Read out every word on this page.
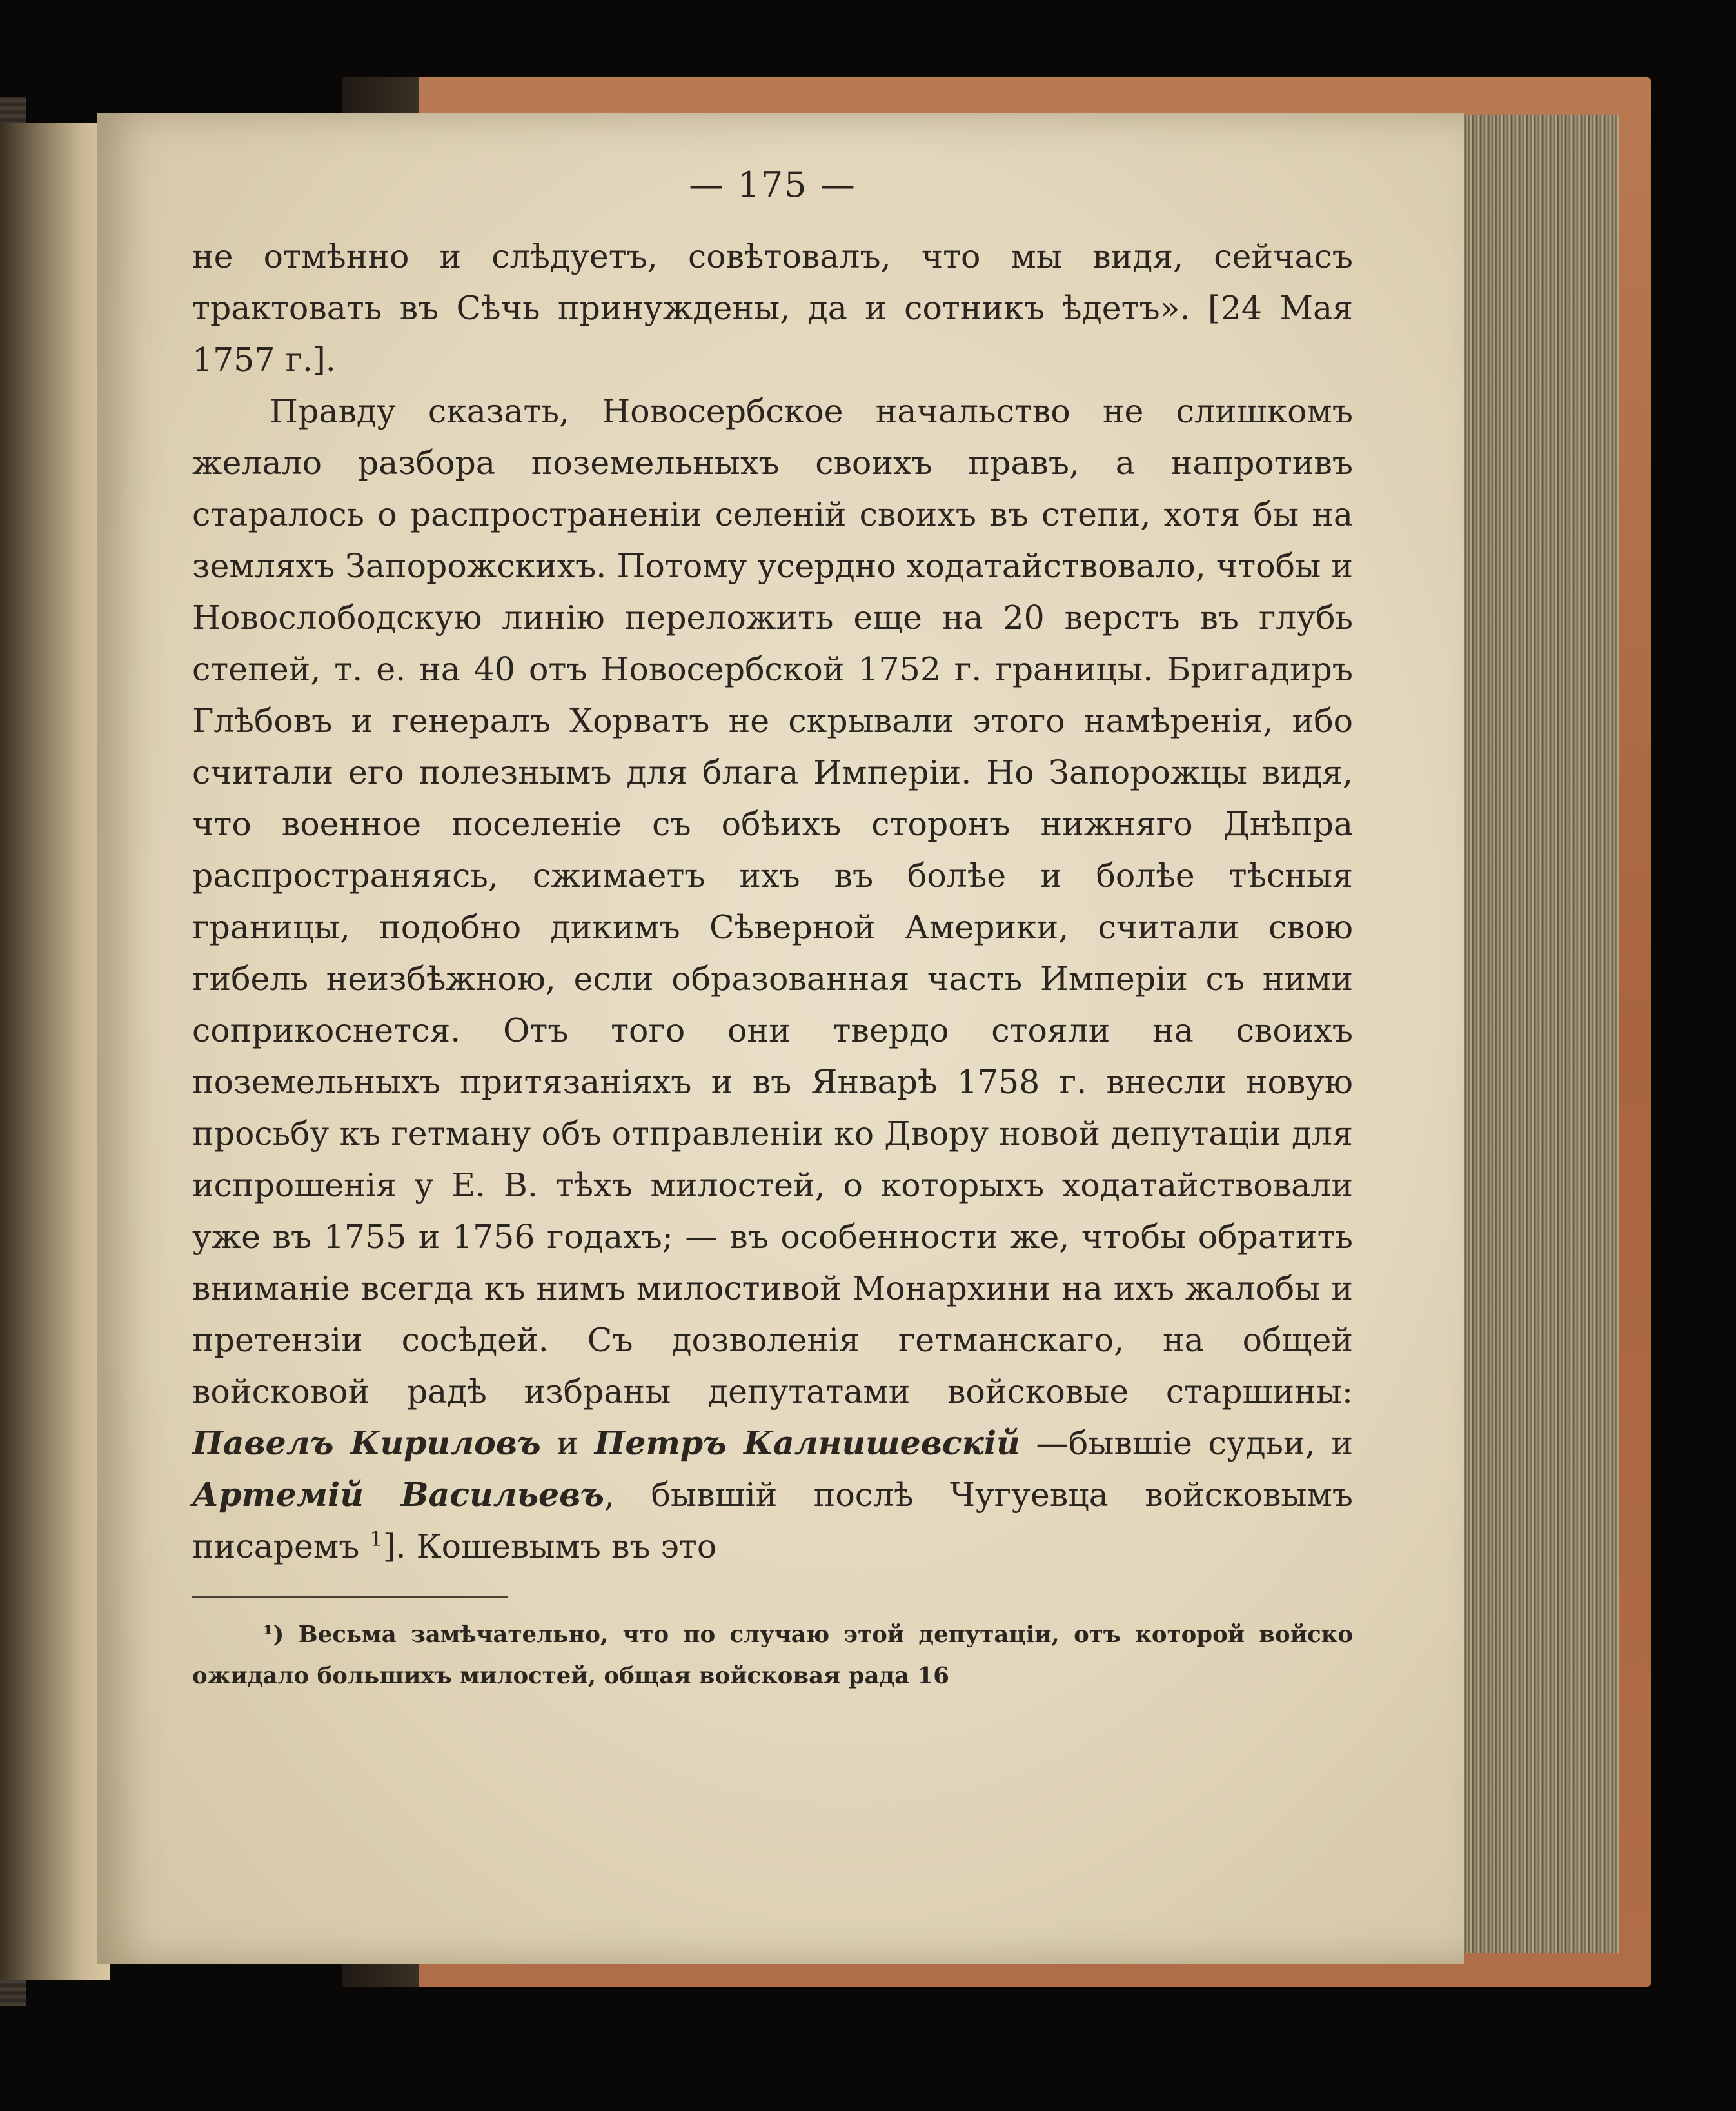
— 175 —

не отмѣнно и слѣдуетъ, совѣтовалъ, что мы видя, сейчасъ трактовать въ Сѣчь принуждены, да и сотникъ ѣдетъ». [24 Мая 1757 г.].

Правду сказать, Новосербское начальство не слишкомъ желало разбора поземельныхъ своихъ правъ, а напротивъ старалось о распространенiи селенiй своихъ въ степи, хотя бы на земляхъ Запорожскихъ. Потому усердно ходатайствовало, чтобы и Новослободскую линiю переложить еще на 20 верстъ въ глубь степей, т. е. на 40 отъ Новосербской 1752 г. границы. Бригадиръ Глѣбовъ и генералъ Хорватъ не скрывали этого намѣренiя, ибо считали его полезнымъ для блага Имперiи. Но Запорожцы видя, что военное поселенiе съ обѣихъ сторонъ нижняго Днѣпра распространяясь, сжимаетъ ихъ въ болѣе и болѣе тѣсныя границы, подобно дикимъ Сѣверной Америки, считали свою гибель неизбѣжною, если образованная часть Имперiи съ ними соприкоснется. Отъ того они твердо стояли на своихъ поземельныхъ притязанiяхъ и въ Январѣ 1758 г. внесли новую просьбу къ гетману объ отправленiи ко Двору новой депутацiи для испрошенiя у Е. В. тѣхъ милостей, о которыхъ ходатайствовали уже въ 1755 и 1756 годахъ; — въ особенности же, чтобы обратить вниманiе всегда къ нимъ милостивой Монархини на ихъ жалобы и претензiи сосѣдей. Съ дозволенiя гетманскаго, на общей войсковой радѣ избраны депутатами войсковые старшины: Павелъ Кириловъ и Петръ Калнишевскiй —бывшiе судьи, и Артемiй Васильевъ, бывшiй послѣ Чугуевца войсковымъ писаремъ $^1$]. Кошевымъ въ это

¹) Весьма замѣчательно, что по случаю этой депутацiи, отъ которой войско ожидало большихъ милостей, общая войсковая рада 16
